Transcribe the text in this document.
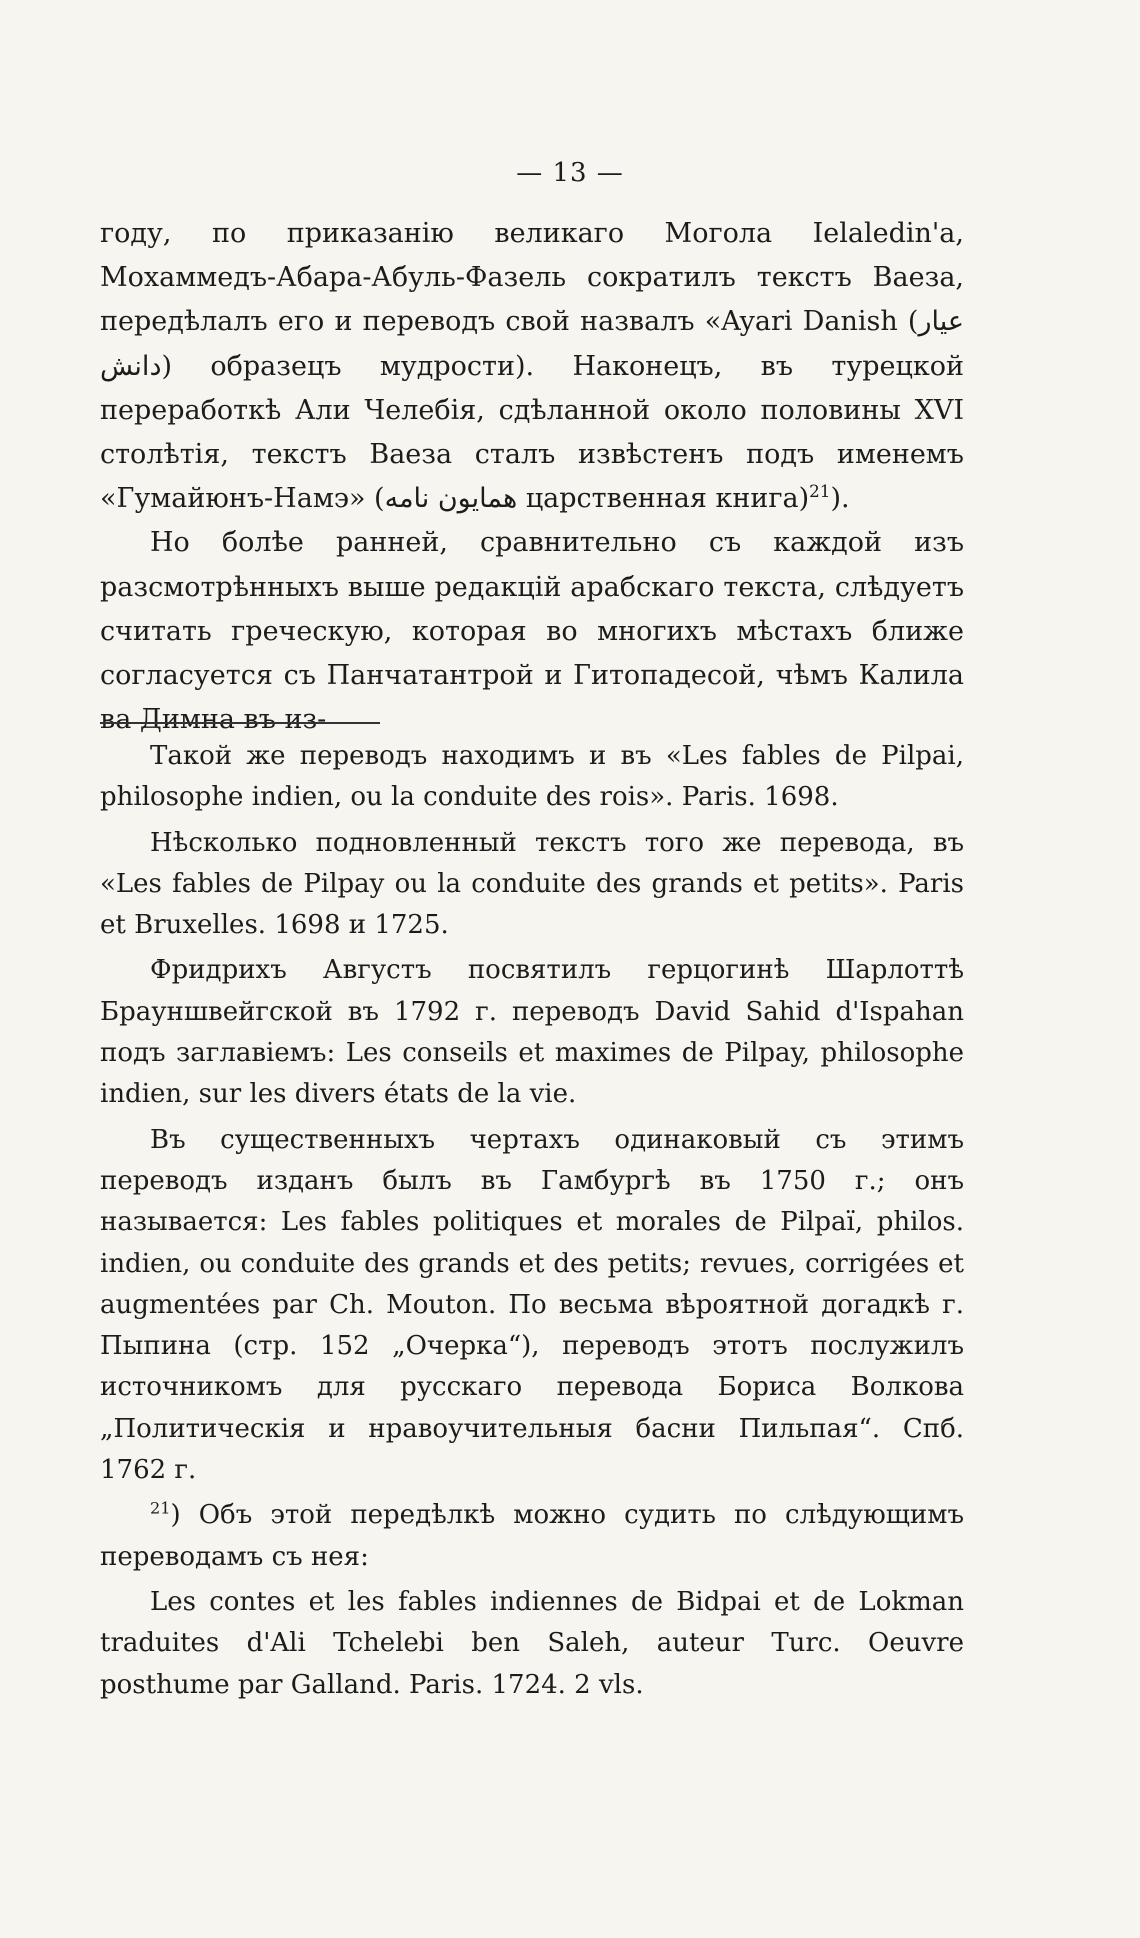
— 13 —

году, по приказанію великаго Могола Ielaledin'a, Мохаммедъ-Абара-Абуль-Фазель сократилъ текстъ Ваеза, передѣлалъ его и переводъ свой назвалъ «Ayari Danish (عيار دانش) образецъ мудрости). Наконецъ, въ турецкой переработкѣ Али Челебія, сдѣланной около половины XVI столѣтія, текстъ Ваеза сталъ извѣстенъ подъ именемъ «Гумайюнъ-Намэ» (همايون نامه царственная книга)$^{21}$).

Но болѣе ранней, сравнительно съ каждой изъ разсмотрѣнныхъ выше редакцій арабскаго текста, слѣдуетъ считать греческую, которая во многихъ мѣстахъ ближе согласуется съ Панчатантрой и Гитопадесой, чѣмъ Калила ва Димна въ из-

Такой же переводъ находимъ и въ «Les fables de Pilpai, philosophe indien, ou la conduite des rois». Paris. 1698.

Нѣсколько подновленный текстъ того же перевода, въ «Les fables de Pilpay ou la conduite des grands et petits». Paris et Bruxelles. 1698 и 1725.

Фридрихъ Августъ посвятилъ герцогинѣ Шарлоттѣ Брауншвейгской въ 1792 г. переводъ David Sahid d'Ispahan подъ заглавіемъ: Les conseils et maximes de Pilpay, philosophe indien, sur les divers états de la vie.

Въ существенныхъ чертахъ одинаковый съ этимъ переводъ изданъ былъ въ Гамбургѣ въ 1750 г.; онъ называется: Les fables politiques et morales de Pilpaï, philos. indien, ou conduite des grands et des petits; revues, corrigées et augmentées par Ch. Mouton. По весьма вѣроятной догадкѣ г. Пыпина (стр. 152 „Очерка“), переводъ этотъ послужилъ источникомъ для русскаго перевода Бориса Волкова „Политическія и нравоучительныя басни Пильпая“. Спб. 1762 г.

$^{21}$) Объ этой передѣлкѣ можно судить по слѣдующимъ переводамъ съ нея:

Les contes et les fables indiennes de Bidpai et de Lokman traduites d'Ali Tchelebi ben Saleh, auteur Turc. Oeuvre posthume par Galland. Paris. 1724. 2 vls.
